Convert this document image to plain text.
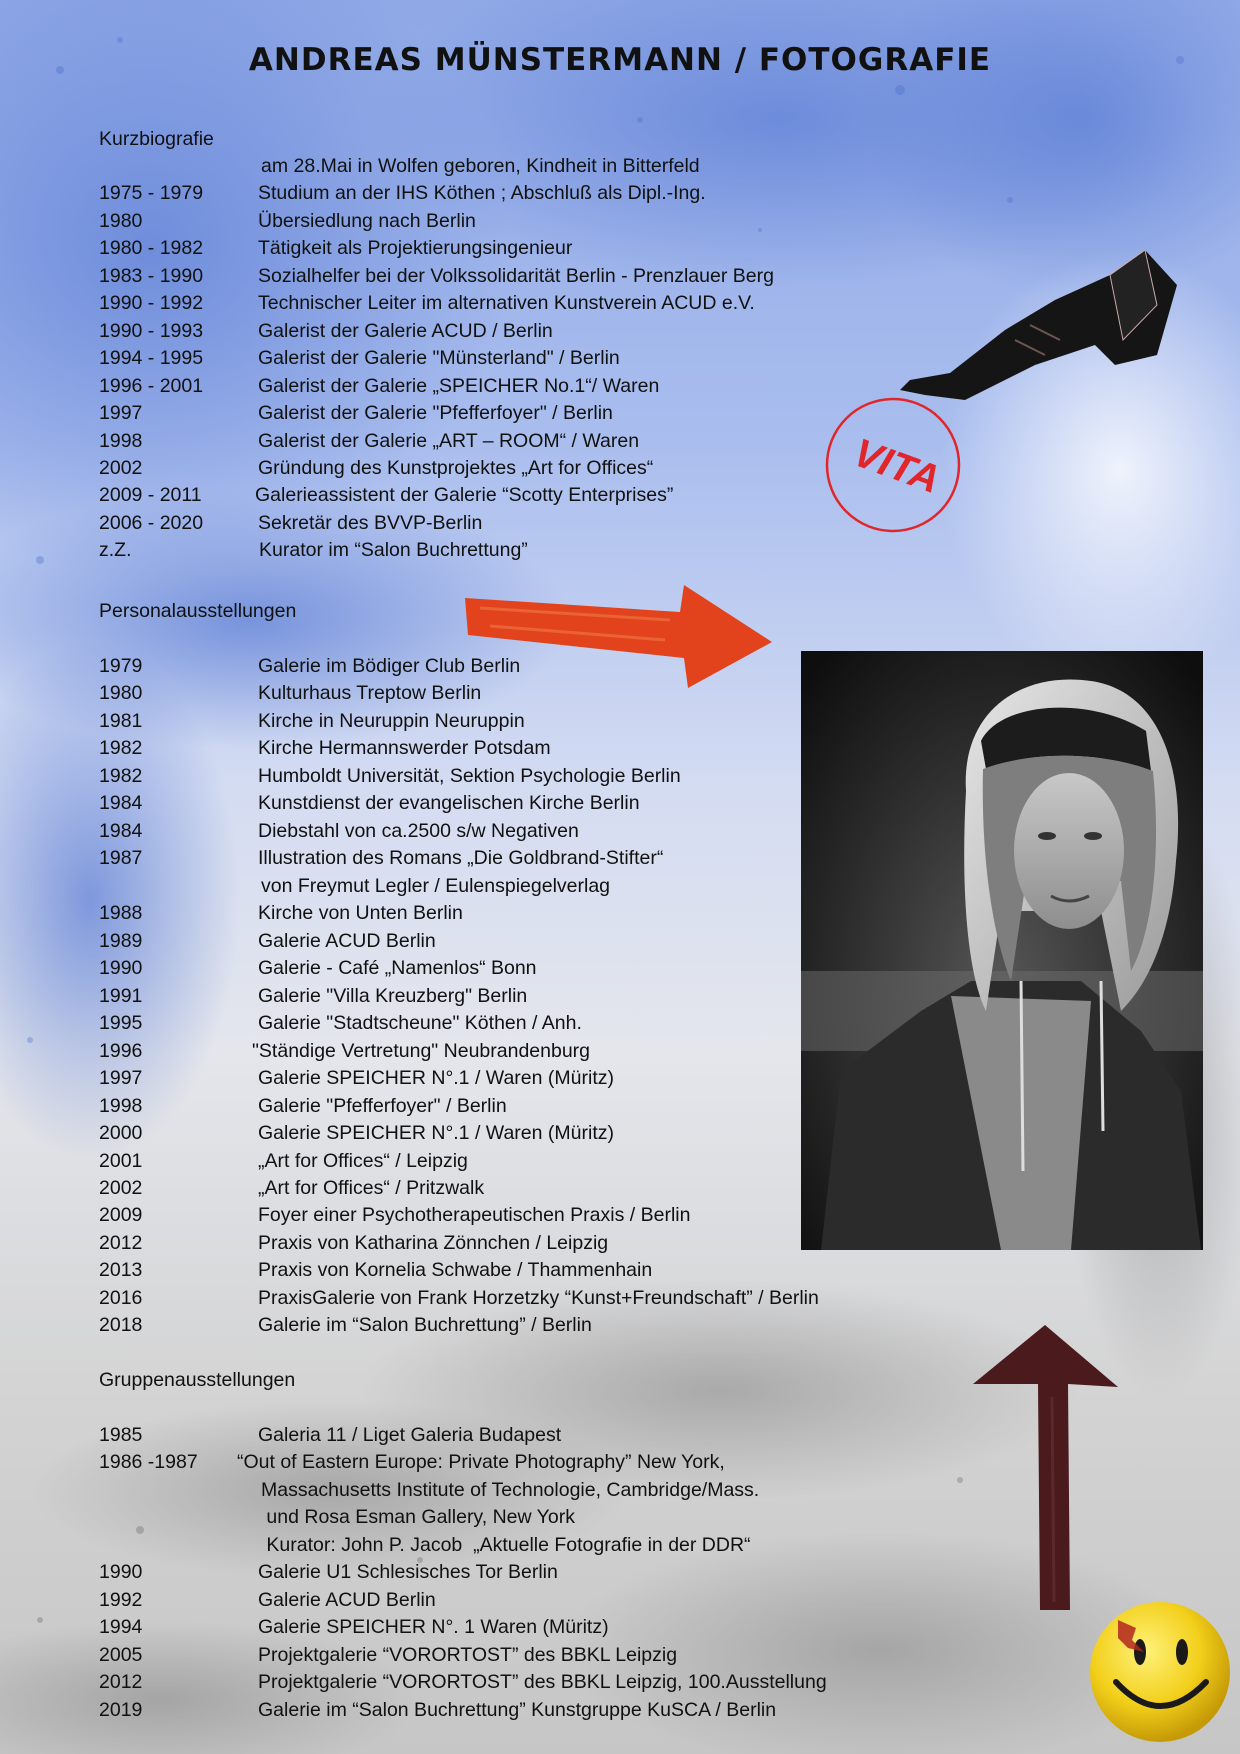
ANDREAS MÜNSTERMANN / FOTOGRAFIE
Kurzbiografie
am 28.Mai in Wolfen geboren, Kindheit in Bitterfeld
1975 - 1979	Studium an der IHS Köthen ; Abschluß als Dipl.-Ing.
1980	Übersiedlung nach Berlin
1980 - 1982	Tätigkeit als Projektierungsingenieur
1983 - 1990	Sozialhelfer bei der Volkssolidarität Berlin - Prenzlauer Berg
1990 - 1992	Technischer Leiter im alternativen Kunstverein ACUD e.V.
1990 - 1993	Galerist der Galerie ACUD / Berlin
1994 - 1995	Galerist der Galerie "Münsterland" / Berlin
1996 - 2001	Galerist der Galerie „SPEICHER No.1“/ Waren
1997	Galerist der Galerie "Pfefferfoyer" / Berlin
1998	Galerist der Galerie „ART – ROOM“ / Waren
2002	Gründung des Kunstprojektes „Art for Offices“
2009 - 2011	Galerieassistent der Galerie “Scotty Enterprises”
2006 - 2020	Sekretär des BVVP-Berlin
z.Z.	Kurator im “Salon Buchrettung”
Personalausstellungen
1979	Galerie im Bödiger Club Berlin
1980	Kulturhaus Treptow Berlin
1981	Kirche in Neuruppin Neuruppin
1982	Kirche Hermannswerder Potsdam
1982	Humboldt Universität, Sektion Psychologie Berlin
1984	Kunstdienst der evangelischen Kirche Berlin
1984	Diebstahl von ca.2500 s/w Negativen
1987	Illustration des Romans „Die Goldbrand-Stifter“
von Freymut Legler / Eulenspiegelverlag
1988	Kirche von Unten Berlin
1989	Galerie ACUD Berlin
1990	Galerie - Café „Namenlos“ Bonn
1991	Galerie "Villa Kreuzberg" Berlin
1995	Galerie "Stadtscheune" Köthen / Anh.
1996	"Ständige Vertretung" Neubrandenburg
1997	Galerie SPEICHER N°.1 / Waren (Müritz)
1998	Galerie "Pfefferfoyer" / Berlin
2000	Galerie SPEICHER N°.1 / Waren (Müritz)
2001	„Art for Offices“ / Leipzig
2002	„Art for Offices“ / Pritzwalk
2009	Foyer einer Psychotherapeutischen Praxis / Berlin
2012	Praxis von Katharina Zönnchen / Leipzig
2013	Praxis von Kornelia Schwabe / Thammenhain
2016	PraxisGalerie von Frank Horzetzky “Kunst+Freundschaft” / Berlin
2018	Galerie im “Salon Buchrettung” / Berlin
Gruppenausstellungen
1985	Galeria 11 / Liget Galeria Budapest
1986 -1987 “Out of Eastern Europe: Private Photography” New York,
Massachusetts Institute of Technologie, Cambridge/Mass.
und Rosa Esman Gallery, New York
Kurator: John P. Jacob  „Aktuelle Fotografie in der DDR“
1990	Galerie U1 Schlesisches Tor Berlin
1992	Galerie ACUD Berlin
1994	Galerie SPEICHER N°. 1 Waren (Müritz)
2005	Projektgalerie “VORORTOST” des BBKL Leipzig
2012	Projektgalerie “VORORTOST” des BBKL Leipzig, 100.Ausstellung
2019	Galerie im “Salon Buchrettung” Kunstgruppe KuSCA / Berlin
VITA
